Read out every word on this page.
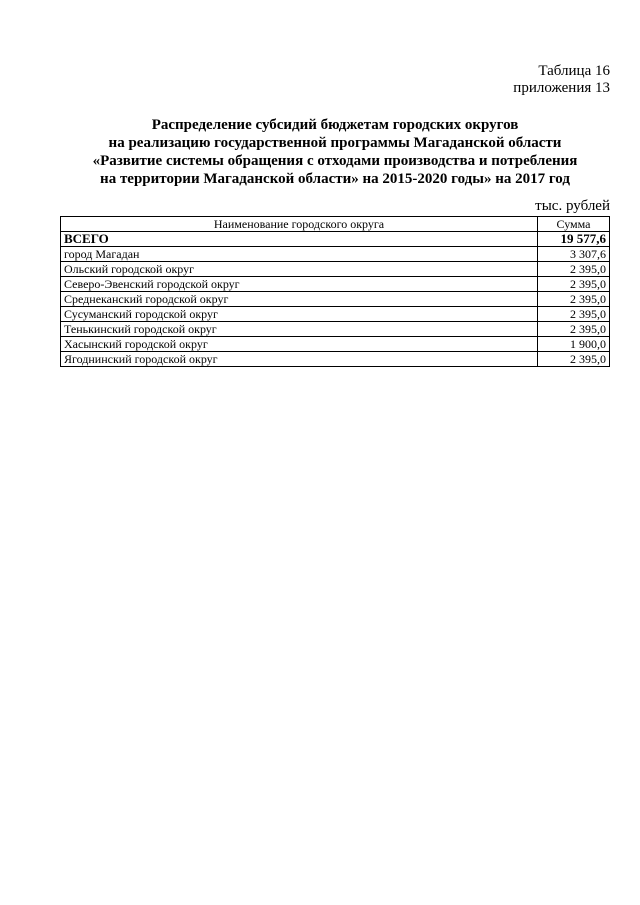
Таблица 16
приложения 13
Распределение субсидий бюджетам городских округов
на реализацию государственной программы Магаданской области
«Развитие системы обращения с отходами производства и потребления
на территории Магаданской области» на 2015-2020 годы» на 2017 год
тыс. рублей
Наименование городского округа	Сумма
ВСЕГО	19 577,6
город Магадан	3 307,6
Ольский городской округ	2 395,0
Северо-Эвенский городской округ	2 395,0
Среднеканский городской округ	2 395,0
Сусуманский городской округ	2 395,0
Тенькинский городской округ	2 395,0
Хасынский городской округ	1 900,0
Ягоднинский городской округ	2 395,0
